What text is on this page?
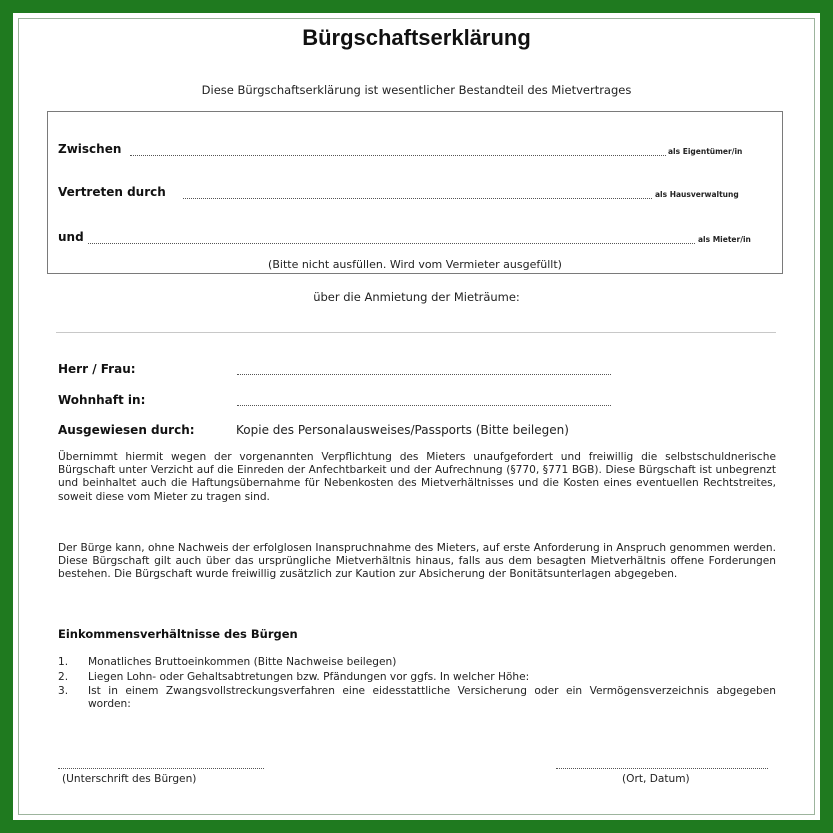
Bürgschaftserklärung
Diese Bürgschaftserklärung ist wesentlicher Bestandteil des Mietvertrages
Zwischen	als Eigentümer/in
Vertreten durch	als Hausverwaltung
und	als Mieter/in
(Bitte nicht ausfüllen. Wird vom Vermieter ausgefüllt)
über die Anmietung der Mieträume:
Herr / Frau:
Wohnhaft in:
Ausgewiesen durch:	Kopie des Personalausweises/Passports (Bitte beilegen)
Übernimmt hiermit wegen der vorgenannten Verpflichtung des Mieters unaufgefordert und freiwillig die selbstschuldnerische Bürgschaft unter Verzicht auf die Einreden der Anfechtbarkeit und der Aufrechnung (§770, §771 BGB). Diese Bürgschaft ist unbegrenzt und beinhaltet auch die Haftungsübernahme für Nebenkosten des Mietverhältnisses und die Kosten eines eventuellen Rechtstreites, soweit diese vom Mieter zu tragen sind.
Der Bürge kann, ohne Nachweis der erfolglosen Inanspruchnahme des Mieters, auf erste Anforderung in Anspruch genommen werden. Diese Bürgschaft gilt auch über das ursprüngliche Mietverhältnis hinaus, falls aus dem besagten Mietverhältnis offene Forderungen bestehen. Die Bürgschaft wurde freiwillig zusätzlich zur Kaution zur Absicherung der Bonitätsunterlagen abgegeben.
Einkommensverhältnisse des Bürgen
1. Monatliches Bruttoeinkommen (Bitte Nachweise beilegen)
2. Liegen Lohn- oder Gehaltsabtretungen bzw. Pfändungen vor ggfs. In welcher Höhe:
3. Ist in einem Zwangsvollstreckungsverfahren eine eidesstattliche Versicherung oder ein Vermögensverzeichnis abgegeben worden:
(Unterschrift des Bürgen)	(Ort, Datum)
